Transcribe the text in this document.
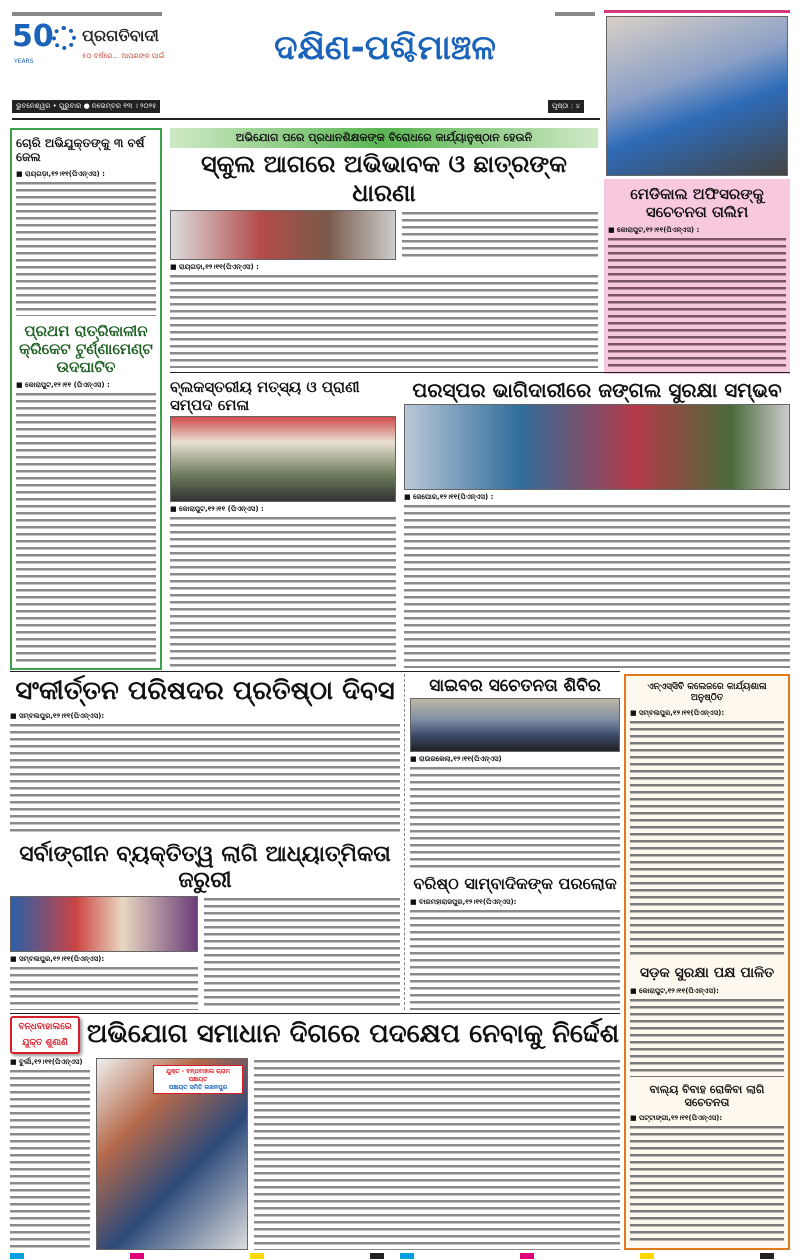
50
YEARS
ପ୍ରଗତିବାଦୀ
୫୦ ବର୍ଷରେ... ଆପଣଙ୍କ ପାଇଁ
ଭୁବନେଶ୍ୱର • ଗୁରୁବାର ● ନଭେମ୍ବର ୧୩ । ୨୦୨୫
ଦକ୍ଷିଣ-ପଶ୍ଚିମାଞ୍ଚଳ
ପୃଷ୍ଠା : ୪
ମେଡିକାଲ ଅଫିସରଙ୍କୁ ସଚେତନତା ତାଲିମ
■ କୋରାପୁଟ,୧୨।୧୧(ପିଏନ୍‌ଏସ) :
ଚୋରି ଅଭିଯୁକ୍ତଙ୍କୁ ୩ ବର୍ଷ ଜେଲ
■ ରାୟଗଡ଼ା,୧୨।୧୧(ପିଏନ୍‌ଏସ) :
ପ୍ରଥମ ରାତ୍ରିକାଳୀନ କ୍ରିକେଟ ଟୁର୍ଣ୍ଣାମେଣ୍ଟ ଉଦଘାଟିତ
■ କୋରାପୁଟ,୧୨।୧୧ (ପିଏନ୍‌ଏସ) :
ଅଭିଯୋଗ ପରେ ପ୍ରଧାନଶିକ୍ଷକଙ୍କ ବିରୋଧରେ କାର୍ଯ୍ୟାନୁଷ୍ଠାନ ହେଉନି
ସ୍କୁଲ ଆଗରେ ଅଭିଭାବକ ଓ ଛାତ୍ରଙ୍କ ଧାରଣା
■ ରାୟଗଡ଼ା,୧୨।୧୧(ପିଏନ୍‌ଏସ) :
ବ୍ଲକସ୍ତରୀୟ ମତ୍ସ୍ୟ ଓ ପ୍ରାଣୀ ସମ୍ପଦ ମେଳା
■ କୋରାପୁଟ,୧୨।୧୧ (ପିଏନ୍‌ଏସ) :
ପରସ୍ପର ଭାଗିଦାରୀରେ ଜଙ୍ଗଲ ସୁରକ୍ଷା ସମ୍ଭବ
■ ଜେପୋର,୧୨।୧୧(ପିଏନ୍‌ଏସ) :
ସଂକୀର୍ତ୍ତନ ପରିଷଦର ପ୍ରତିଷ୍ଠା ଦିବସ
■ ସମ୍ବଲପୁର,୧୨।୧୧(ପିଏନ୍‌ଏସ):
ସର୍ବାଙ୍ଗୀନ ବ୍ୟକ୍ତିତ୍ୱ ଲାଗି ଆଧ୍ୟାତ୍ମିକତା ଜରୁରୀ
■ ସମ୍ବଲପୁର,୧୨।୧୧(ପିଏନ୍‌ଏସ):
ସାଇବର ସଚେତନତା ଶିବିର
■ ରାଉରକେଲା,୧୨।୧୧(ପିଏନ୍‌ଏସ)
ବରିଷ୍ଠ ସାମ୍ବାଦିକଙ୍କ ପରଲୋକ
■ ବାରମହାରାଜପୁର,୧୨।୧୧(ପିଏନ୍‌ଏସ):
ଏନ୍‌ଏସ୍‌ସିବି କଲେଜରେ କାର୍ଯ୍ୟଶାଳା ଅନୁଷ୍ଠିତ
■ ସମ୍ବଲପୁର,୧୨।୧୧(ପିଏନ୍‌ଏସ):
ସଡ଼କ ସୁରକ୍ଷା ପକ୍ଷ ପାଳିତ
■ କୋରାପୁଟ,୧୨।୧୧(ପିଏନ୍‌ଏସ):
ବାଲ୍ୟ ବିବାହ ରୋକିବା ଲାଗି ସଚେତନତା
■ ପଟ୍ଟାଙ୍ଗୀ,୧୨।୧୧(ପିଏନ୍‌ଏସ):
ବନ୍ଧବାହାଲରେ
ଯୁକ୍ତ ଶୁଣାଣି ଅଭିଯୋଗ ସମାଧାନ ଦିଗରେ ପଦକ୍ଷେପ ନେବାକୁ ନିର୍ଦ୍ଦେଶ
■ ବୁର୍ଲା,୧୨।୧୧(ପିଏନ୍‌ଏସ)
ଯୁକ୍ତ - ବନ୍ଧବାହାଲ ଗ୍ରାମ ପଞ୍ଚାୟତ
ପଞ୍ଚାୟତ ସମିତି ଲଖନପୁର
